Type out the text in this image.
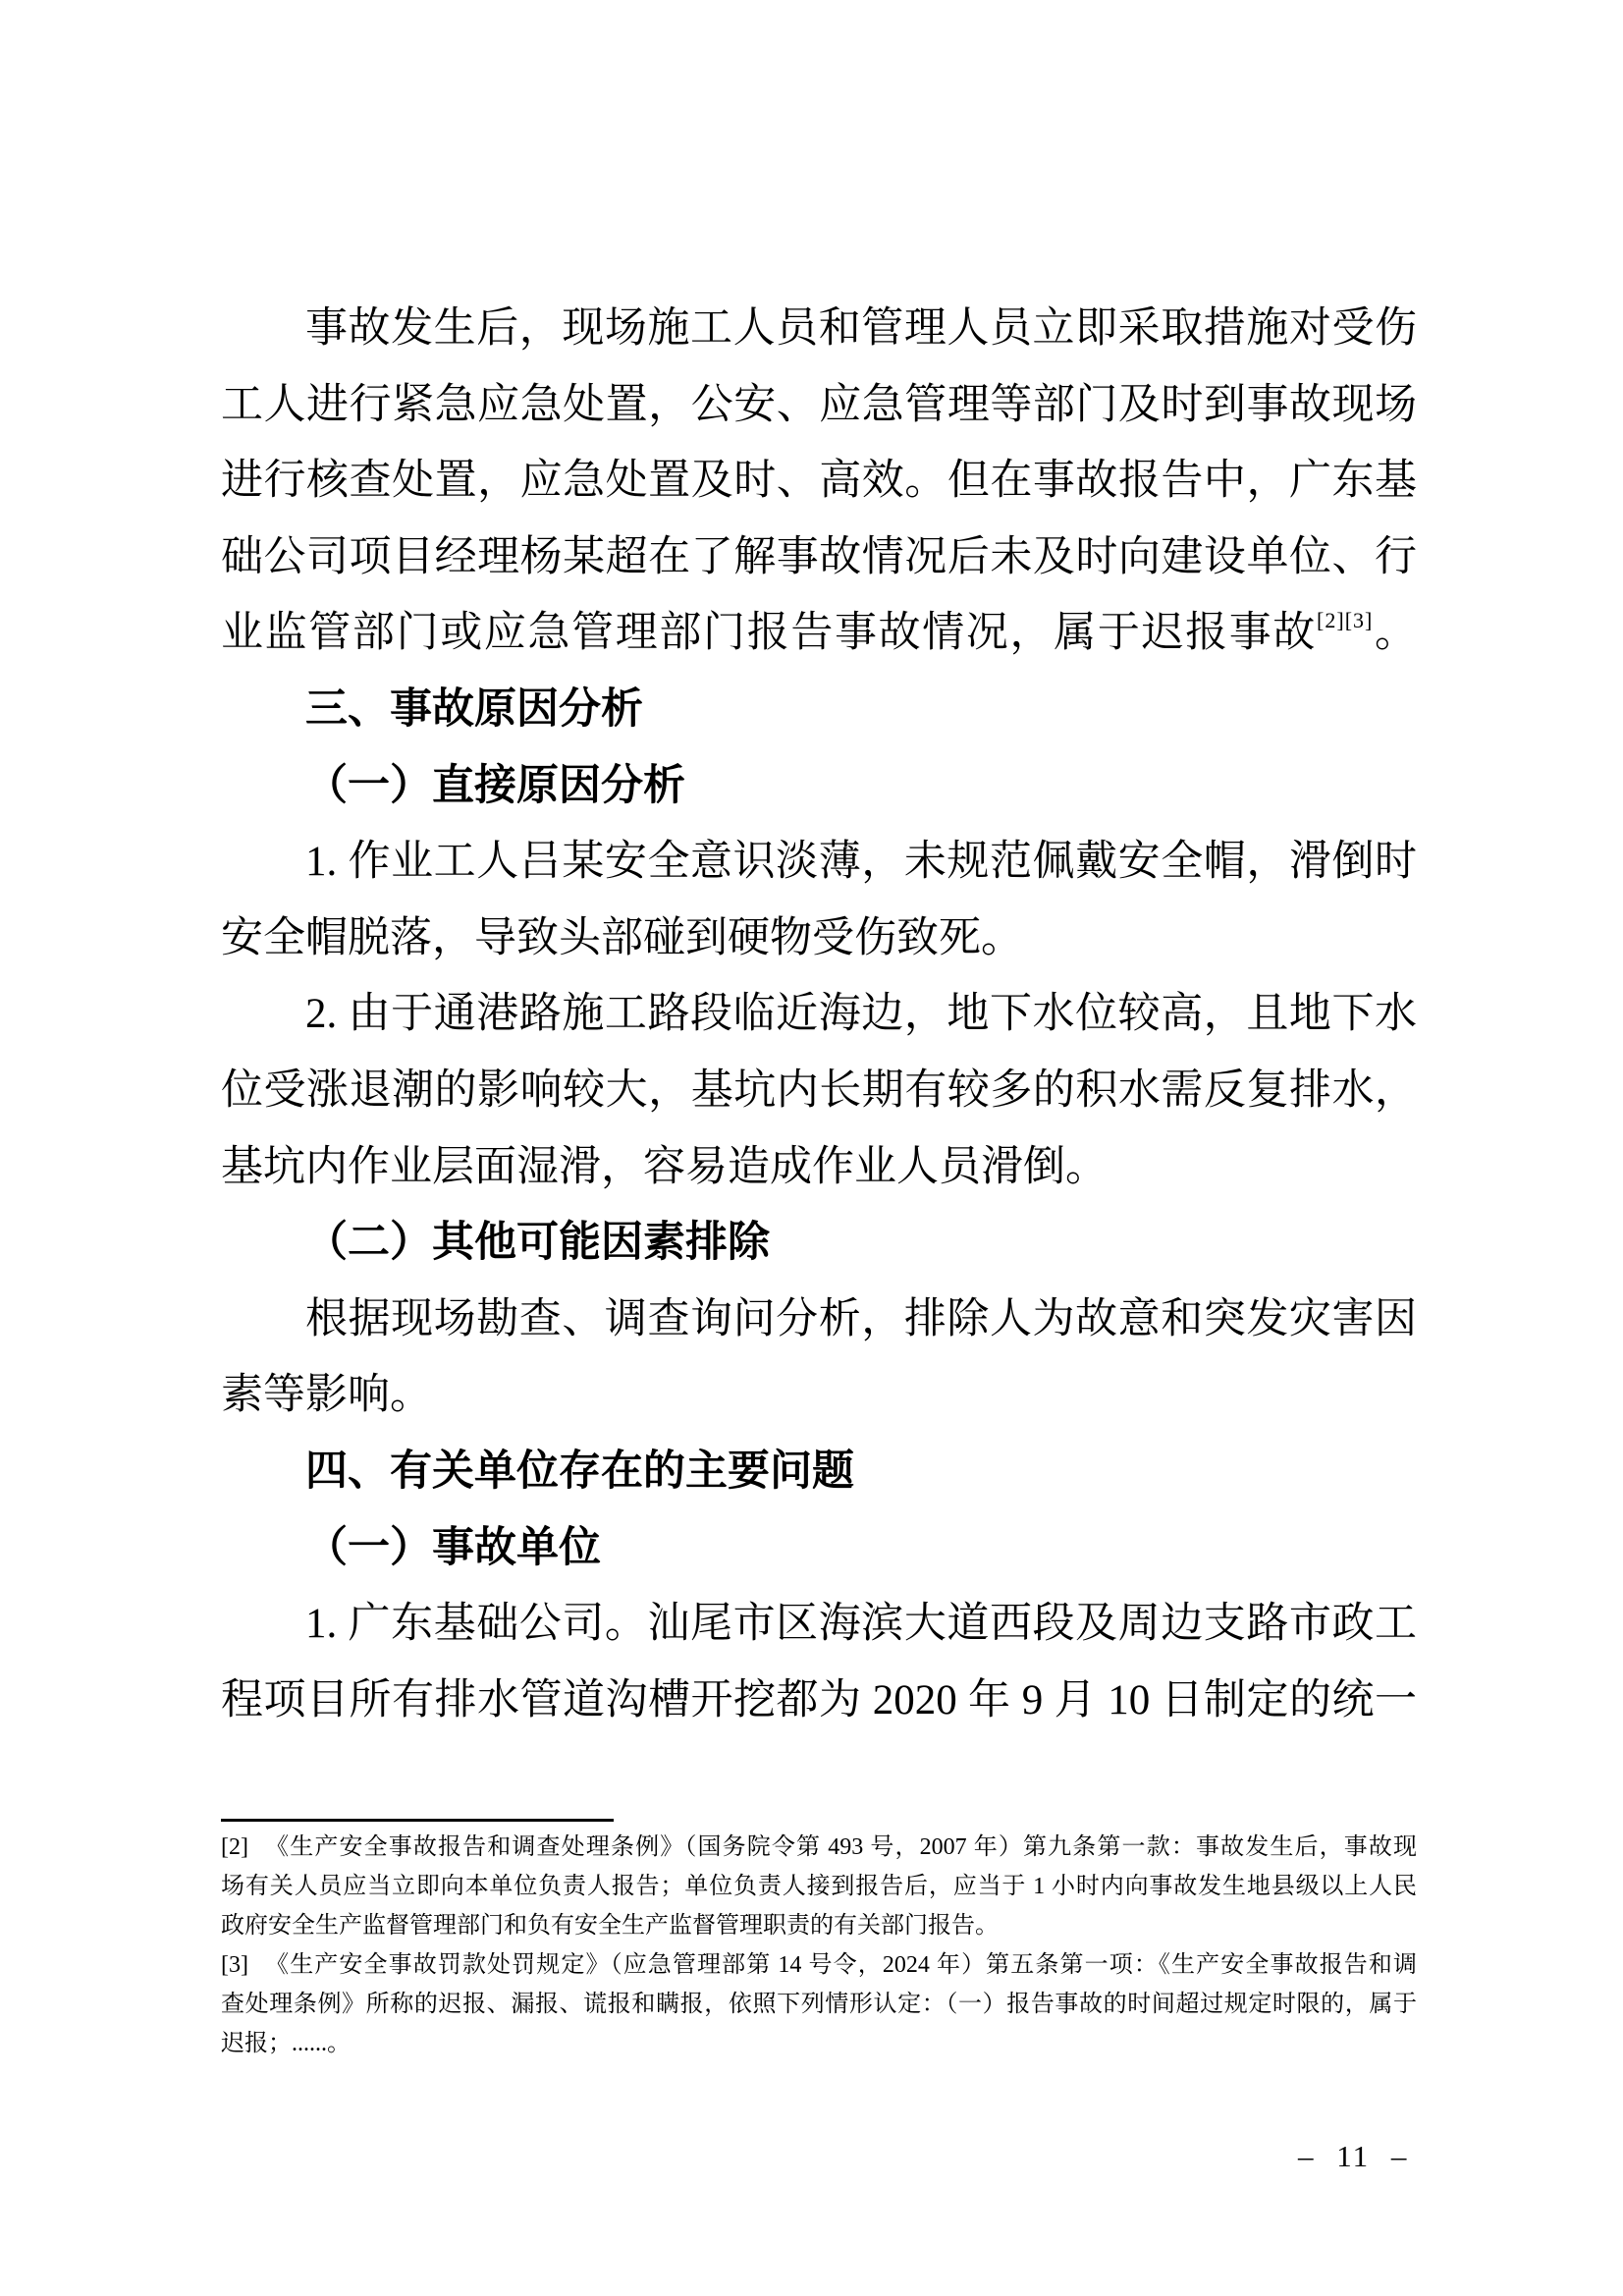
事故发生后，现场施工人员和管理人员立即采取措施对受伤
工人进行紧急应急处置，公安、应急管理等部门及时到事故现场
进行核查处置，应急处置及时、高效。但在事故报告中，广东基
础公司项目经理杨某超在了解事故情况后未及时向建设单位、行
业监管部门或应急管理部门报告事故情况，属于迟报事故[2][3]。
三、事故原因分析
（一）直接原因分析
1. 作业工人吕某安全意识淡薄，未规范佩戴安全帽，滑倒时
安全帽脱落，导致头部碰到硬物受伤致死。
2. 由于通港路施工路段临近海边，地下水位较高，且地下水
位受涨退潮的影响较大，基坑内长期有较多的积水需反复排水，
基坑内作业层面湿滑，容易造成作业人员滑倒。
（二）其他可能因素排除
根据现场勘查、调查询问分析，排除人为故意和突发灾害因
素等影响。
四、有关单位存在的主要问题
（一）事故单位
1. 广东基础公司。汕尾市区海滨大道西段及周边支路市政工
程项目所有排水管道沟槽开挖都为 2020 年 9 月 10 日制定的统一
[2] 《生产安全事故报告和调查处理条例》（国务院令第 493 号，2007 年）第九条第一款：事故发生后，事故现
场有关人员应当立即向本单位负责人报告；单位负责人接到报告后，应当于 1 小时内向事故发生地县级以上人民
政府安全生产监督管理部门和负有安全生产监督管理职责的有关部门报告。
[3] 《生产安全事故罚款处罚规定》（应急管理部第 14 号令，2024 年）第五条第一项：《生产安全事故报告和调
查处理条例》所称的迟报、漏报、谎报和瞒报，依照下列情形认定：（一）报告事故的时间超过规定时限的，属于
迟报；......。
– 11 –
